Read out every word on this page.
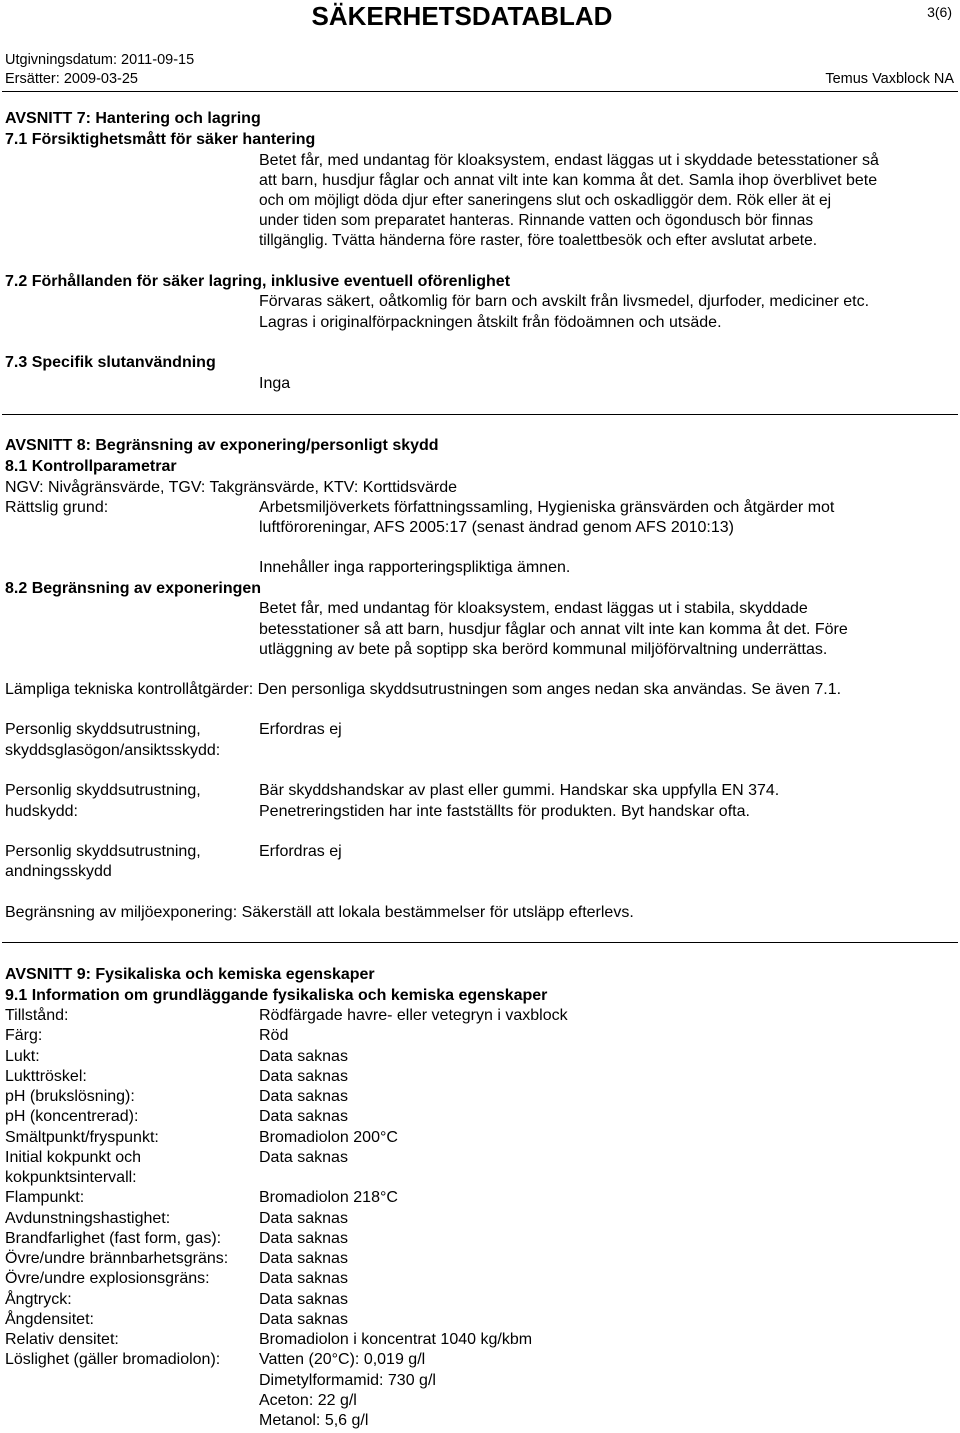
SÄKERHETSDATABLAD	3(6)
Utgivningsdatum: 2011-09-15
Ersätter: 2009-03-25	Temus Vaxblock NA
AVSNITT 7: Hantering och lagring
7.1 Försiktighetsmått för säker hantering
Betet får, med undantag för kloaksystem, endast läggas ut i skyddade betesstationer så
att barn, husdjur fåglar och annat vilt inte kan komma åt det. Samla ihop överblivet bete
och om möjligt döda djur efter saneringens slut och oskadliggör dem. Rök eller ät ej
under tiden som preparatet hanteras. Rinnande vatten och ögondusch bör finnas
tillgänglig. Tvätta händerna före raster, före toalettbesök och efter avslutat arbete.
7.2 Förhållanden för säker lagring, inklusive eventuell oförenlighet
Förvaras säkert, oåtkomlig för barn och avskilt från livsmedel, djurfoder, mediciner etc.
Lagras i originalförpackningen åtskilt från födoämnen och utsäde.
7.3 Specifik slutanvändning
Inga
AVSNITT 8: Begränsning av exponering/personligt skydd
8.1 Kontrollparametrar
NGV: Nivågränsvärde, TGV: Takgränsvärde, KTV: Korttidsvärde
Rättslig grund:	Arbetsmiljöverkets författningssamling, Hygieniska gränsvärden och åtgärder mot
luftföroreningar, AFS 2005:17 (senast ändrad genom AFS 2010:13)
Innehåller inga rapporteringspliktiga ämnen.
8.2 Begränsning av exponeringen
Betet får, med undantag för kloaksystem, endast läggas ut i stabila, skyddade
betesstationer så att barn, husdjur fåglar och annat vilt inte kan komma åt det. Före
utläggning av bete på soptipp ska berörd kommunal miljöförvaltning underrättas.
Lämpliga tekniska kontrollåtgärder: Den personliga skyddsutrustningen som anges nedan ska användas. Se även 7.1.
Personlig skyddsutrustning,
skyddsglasögon/ansiktsskydd:
Erfordras ej
Personlig skyddsutrustning,
hudskydd:
Bär skyddshandskar av plast eller gummi. Handskar ska uppfylla EN 374.
Penetreringstiden har inte fastställts för produkten. Byt handskar ofta.
Personlig skyddsutrustning,
andningsskydd
Erfordras ej
Begränsning av miljöexponering: Säkerställ att lokala bestämmelser för utsläpp efterlevs.
AVSNITT 9: Fysikaliska och kemiska egenskaper
9.1 Information om grundläggande fysikaliska och kemiska egenskaper
Tillstånd:	Rödfärgade havre- eller vetegryn i vaxblock
Färg:	Röd
Lukt:	Data saknas
Lukttröskel:	Data saknas
pH (brukslösning):	Data saknas
pH (koncentrerad):	Data saknas
Smältpunkt/fryspunkt:	Bromadiolon 200°C
Initial kokpunkt och	Data saknas
kokpunktsintervall:
Flampunkt:	Bromadiolon 218°C
Avdunstningshastighet:	Data saknas
Brandfarlighet (fast form, gas): Data saknas
Övre/undre brännbarhetsgräns: Data saknas
Övre/undre explosionsgräns:	Data saknas
Ångtryck:	Data saknas
Ångdensitet:	Data saknas
Relativ densitet:	Bromadiolon i koncentrat 1040 kg/kbm
Löslighet (gäller bromadiolon): Vatten (20°C): 0,019 g/l
Dimetylformamid: 730 g/l
Aceton: 22 g/l
Metanol: 5,6 g/l
